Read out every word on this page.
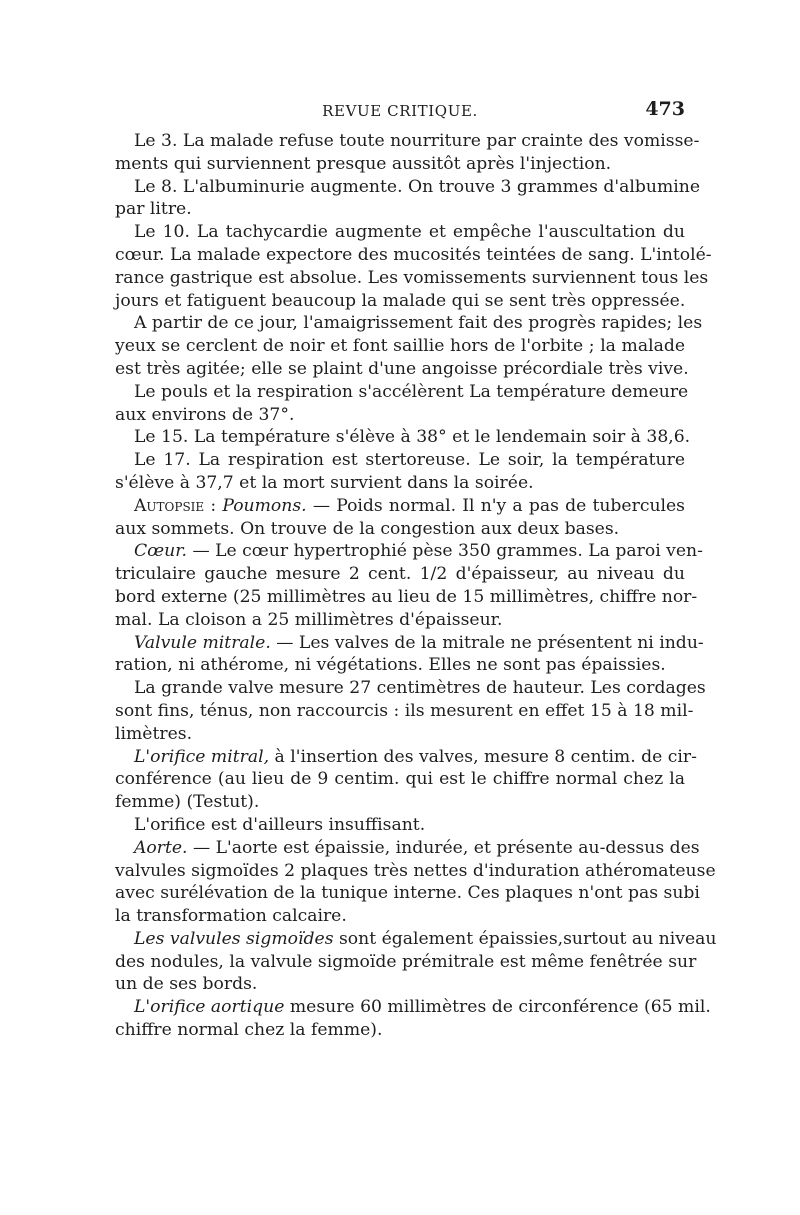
REVUE CRITIQUE.	473
Le 3. La malade refuse toute nourriture par crainte des vomisse-
ments qui surviennent presque aussitôt après l'injection.
Le 8. L'albuminurie augmente. On trouve 3 grammes d'albumine
par litre.
Le 10. La tachycardie augmente et empêche l'auscultation du
cœur. La malade expectore des mucosités teintées de sang. L'intolé-
rance gastrique est absolue. Les vomissements surviennent tous les
jours et fatiguent beaucoup la malade qui se sent très oppressée.
A partir de ce jour, l'amaigrissement fait des progrès rapides; les
yeux se cerclent de noir et font saillie hors de l'orbite ; la malade
est très agitée; elle se plaint d'une angoisse précordiale très vive.
Le pouls et la respiration s'accélèrent La température demeure
aux environs de 37°.
Le 15. La température s'élève à 38° et le lendemain soir à 38,6.
Le 17. La respiration est stertoreuse. Le soir, la température
s'élève à 37,7 et la mort survient dans la soirée.
Autopsie : Poumons. — Poids normal. Il n'y a pas de tubercules
aux sommets. On trouve de la congestion aux deux bases.
Cœur. — Le cœur hypertrophié pèse 350 grammes. La paroi ven-
triculaire gauche mesure 2 cent. 1/2 d'épaisseur, au niveau du
bord externe (25 millimètres au lieu de 15 millimètres, chiffre nor-
mal. La cloison a 25 millimètres d'épaisseur.
Valvule mitrale. — Les valves de la mitrale ne présentent ni indu-
ration, ni athérome, ni végétations. Elles ne sont pas épaissies.
La grande valve mesure 27 centimètres de hauteur. Les cordages
sont fins, ténus, non raccourcis : ils mesurent en effet 15 à 18 mil-
limètres.
L'orifice mitral, à l'insertion des valves, mesure 8 centim. de cir-
conférence (au lieu de 9 centim. qui est le chiffre normal chez la
femme) (Testut).
L'orifice est d'ailleurs insuffisant.
Aorte. — L'aorte est épaissie, indurée, et présente au-dessus des
valvules sigmoïdes 2 plaques très nettes d'induration athéromateuse
avec surélévation de la tunique interne. Ces plaques n'ont pas subi
la transformation calcaire.
Les valvules sigmoïdes sont également épaissies,surtout au niveau
des nodules, la valvule sigmoïde prémitrale est même fenêtrée sur
un de ses bords.
L'orifice aortique mesure 60 millimètres de circonférence (65 mil.
chiffre normal chez la femme).
